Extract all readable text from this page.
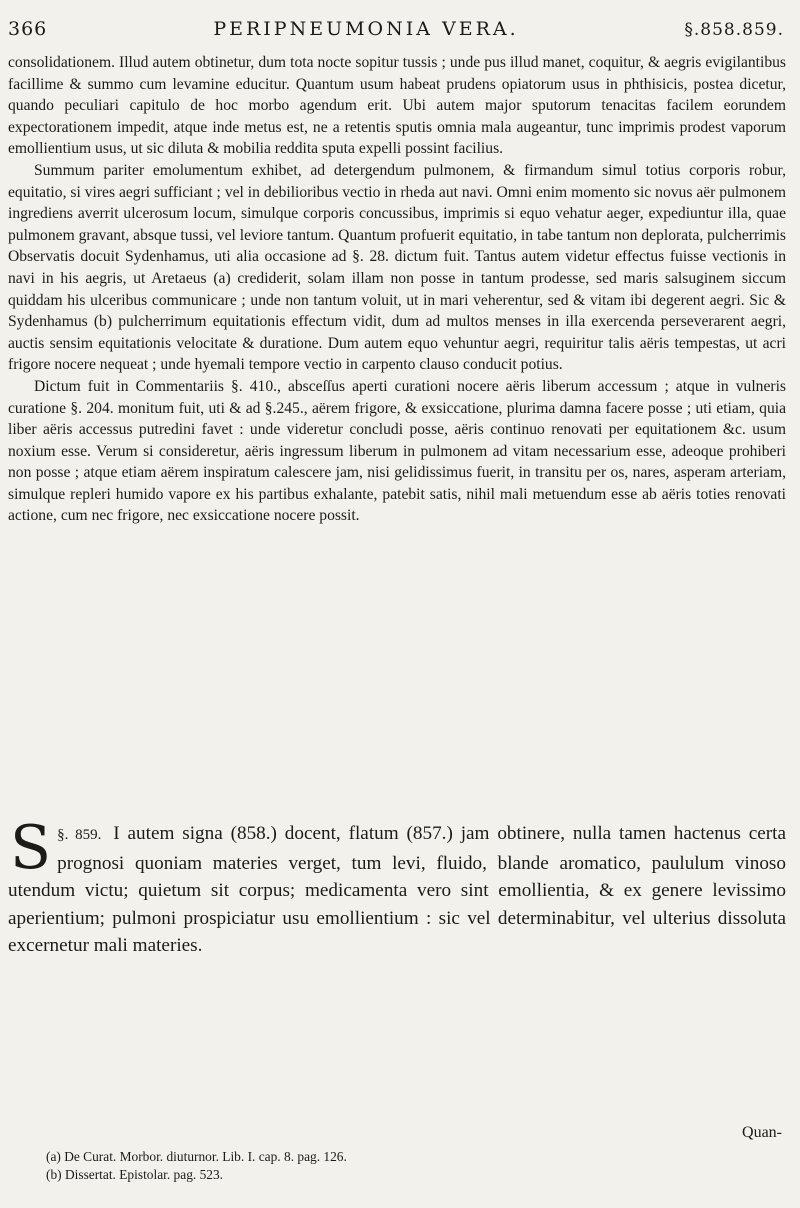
366	PERIPNEUMONIA VERA.	§.858.859.

consolidationem. Illud autem obtinetur, dum tota nocte sopitur tussis ; unde pus illud manet, coquitur, & aegris evigilantibus facillime & summo cum levamine educitur. Quantum usum habeat prudens opiatorum usus in phthisicis, postea dicetur, quando peculiari capitulo de hoc morbo agendum erit. Ubi autem major sputorum tenacitas facilem eorundem expectorationem impedit, atque inde metus est, ne a retentis sputis omnia mala augeantur, tunc imprimis prodest vaporum emollientium usus, ut sic diluta & mobilia reddita sputa expelli possint facilius.

Summum pariter emolumentum exhibet, ad detergendum pulmonem, & firmandum simul totius corporis robur, equitatio, si vires aegri sufficiant ; vel in debilioribus vectio in rheda aut navi. Omni enim momento sic novus aër pulmonem ingrediens averrit ulcerosum locum, simulque corporis concussibus, imprimis si equo vehatur aeger, expediuntur illa, quae pulmonem gravant, absque tussi, vel leviore tantum. Quantum profuerit equitatio, in tabe tantum non deplorata, pulcherrimis Observatis docuit Sydenhamus, uti alia occasione ad §. 28. dictum fuit. Tantus autem videtur effectus fuisse vectionis in navi in his aegris, ut Aretaeus (a) crediderit, solam illam non posse in tantum prodesse, sed maris salsuginem siccum quiddam his ulceribus communicare ; unde non tantum voluit, ut in mari veherentur, sed & vitam ibi degerent aegri. Sic & Sydenhamus (b) pulcherrimum equitationis effectum vidit, dum ad multos menses in illa exercenda perseverarent aegri, auctis sensim equitationis velocitate & duratione. Dum autem equo vehuntur aegri, requiritur talis aëris tempestas, ut acri frigore nocere nequeat ; unde hyemali tempore vectio in carpento clauso conducit potius.

Dictum fuit in Commentariis §. 410., absceſſus aperti curationi nocere aëris liberum accessum ; atque in vulneris curatione §. 204. monitum fuit, uti & ad §.245., aërem frigore, & exsiccatione, plurima damna facere posse ; uti etiam, quia liber aëris accessus putredini favet : unde videretur concludi posse, aëris continuo renovati per equitationem &c. usum noxium esse. Verum si consideretur, aëris ingressum liberum in pulmonem ad vitam necessarium esse, adeoque prohiberi non posse ; atque etiam aërem inspiratum calescere jam, nisi gelidissimus fuerit, in transitu per os, nares, asperam arteriam, simulque repleri humido vapore ex his partibus exhalante, patebit satis, nihil mali metuendum esse ab aëris toties renovati actione, cum nec frigore, nec exsiccatione nocere possit.

§. 859.
S	I autem signa (858.) docent, flatum (857.) jam obtinere, nulla tamen hactenus certa prognosi quoniam materies verget, tum levi, fluido, blande aromatico, paululum vinoso utendum victu; quietum sit corpus; medicamenta vero sint emollientia, & ex genere levissimo aperientium; pulmoni prospiciatur usu emollientium : sic vel determinabitur, vel ulterius dissoluta excernetur mali materies.
Quan-
(a) De Curat. Morbor. diuturnor. Lib. I. cap. 8. pag. 126.
(b) Dissertat. Epistolar. pag. 523.
